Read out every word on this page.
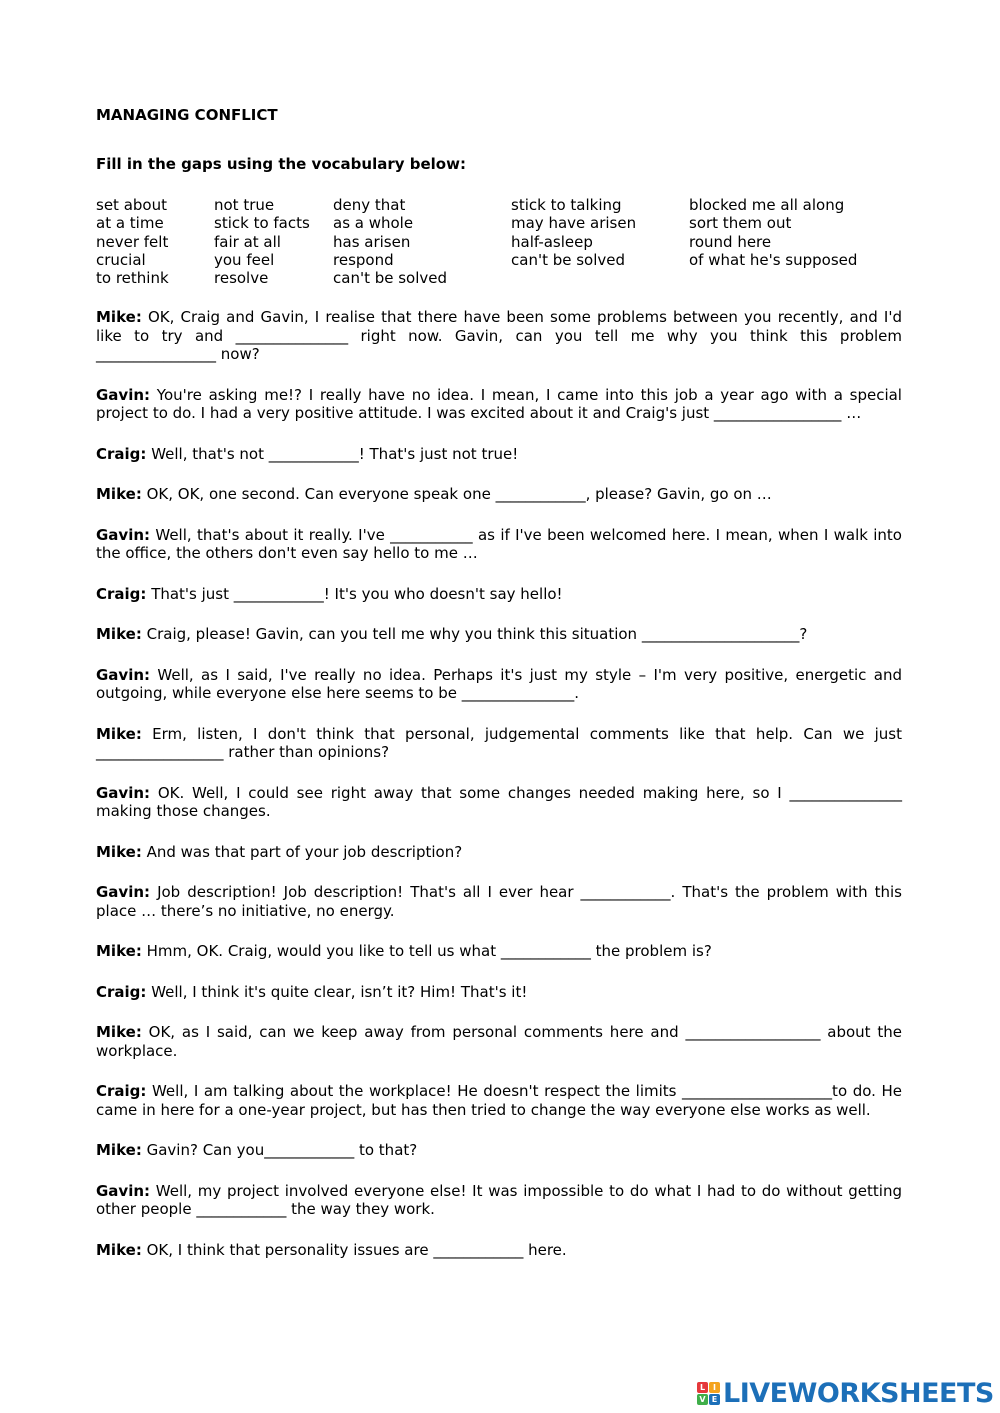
MANAGING CONFLICT
Fill in the gaps using the vocabulary below:
set about
at a time
never felt
crucial
to rethink
not true
stick to facts
fair at all
you feel
resolve
deny that
as a whole
has arisen
respond
can't be solved
stick to talking
may have arisen
half-asleep
can't be solved
blocked me all along
sort them out
round here
of what he's supposed

Mike: OK, Craig and Gavin, I realise that there have been some problems between you recently, and I'd like to try and _______________ right now. Gavin, can you tell me why you think this problem ________________ now?

Gavin: You're asking me!? I really have no idea. I mean, I came into this job a year ago with a special project to do. I had a very positive attitude. I was excited about it and Craig's just _________________ …

Craig: Well, that's not ____________! That's just not true!

Mike: OK, OK, one second. Can everyone speak one ____________, please? Gavin, go on …

Gavin: Well, that's about it really. I've ___________ as if I've been welcomed here. I mean, when I walk into the office, the others don't even say hello to me …

Craig: That's just ____________! It's you who doesn't say hello!

Mike: Craig, please! Gavin, can you tell me why you think this situation _____________________?

Gavin: Well, as I said, I've really no idea. Perhaps it's just my style – I'm very positive, energetic and outgoing, while everyone else here seems to be _______________.

Mike: Erm, listen, I don't think that personal, judgemental comments like that help. Can we just _________________ rather than opinions?

Gavin: OK. Well, I could see right away that some changes needed making here, so I _______________ making those changes.

Mike: And was that part of your job description?

Gavin: Job description! Job description! That's all I ever hear ____________. That's the problem with this place … there’s no initiative, no energy.

Mike: Hmm, OK. Craig, would you like to tell us what ____________ the problem is?

Craig: Well, I think it's quite clear, isn’t it? Him! That's it!

Mike: OK, as I said, can we keep away from personal comments here and __________________ about the workplace.

Craig: Well, I am talking about the workplace! He doesn't respect the limits ____________________to do. He came in here for a one-year project, but has then tried to change the way everyone else works as well.

Mike: Gavin? Can you____________ to that?

Gavin: Well, my project involved everyone else! It was impossible to do what I had to do without getting other people ____________ the way they work.

Mike: OK, I think that personality issues are ____________ here.

L I
V E LIVEWORKSHEETS
